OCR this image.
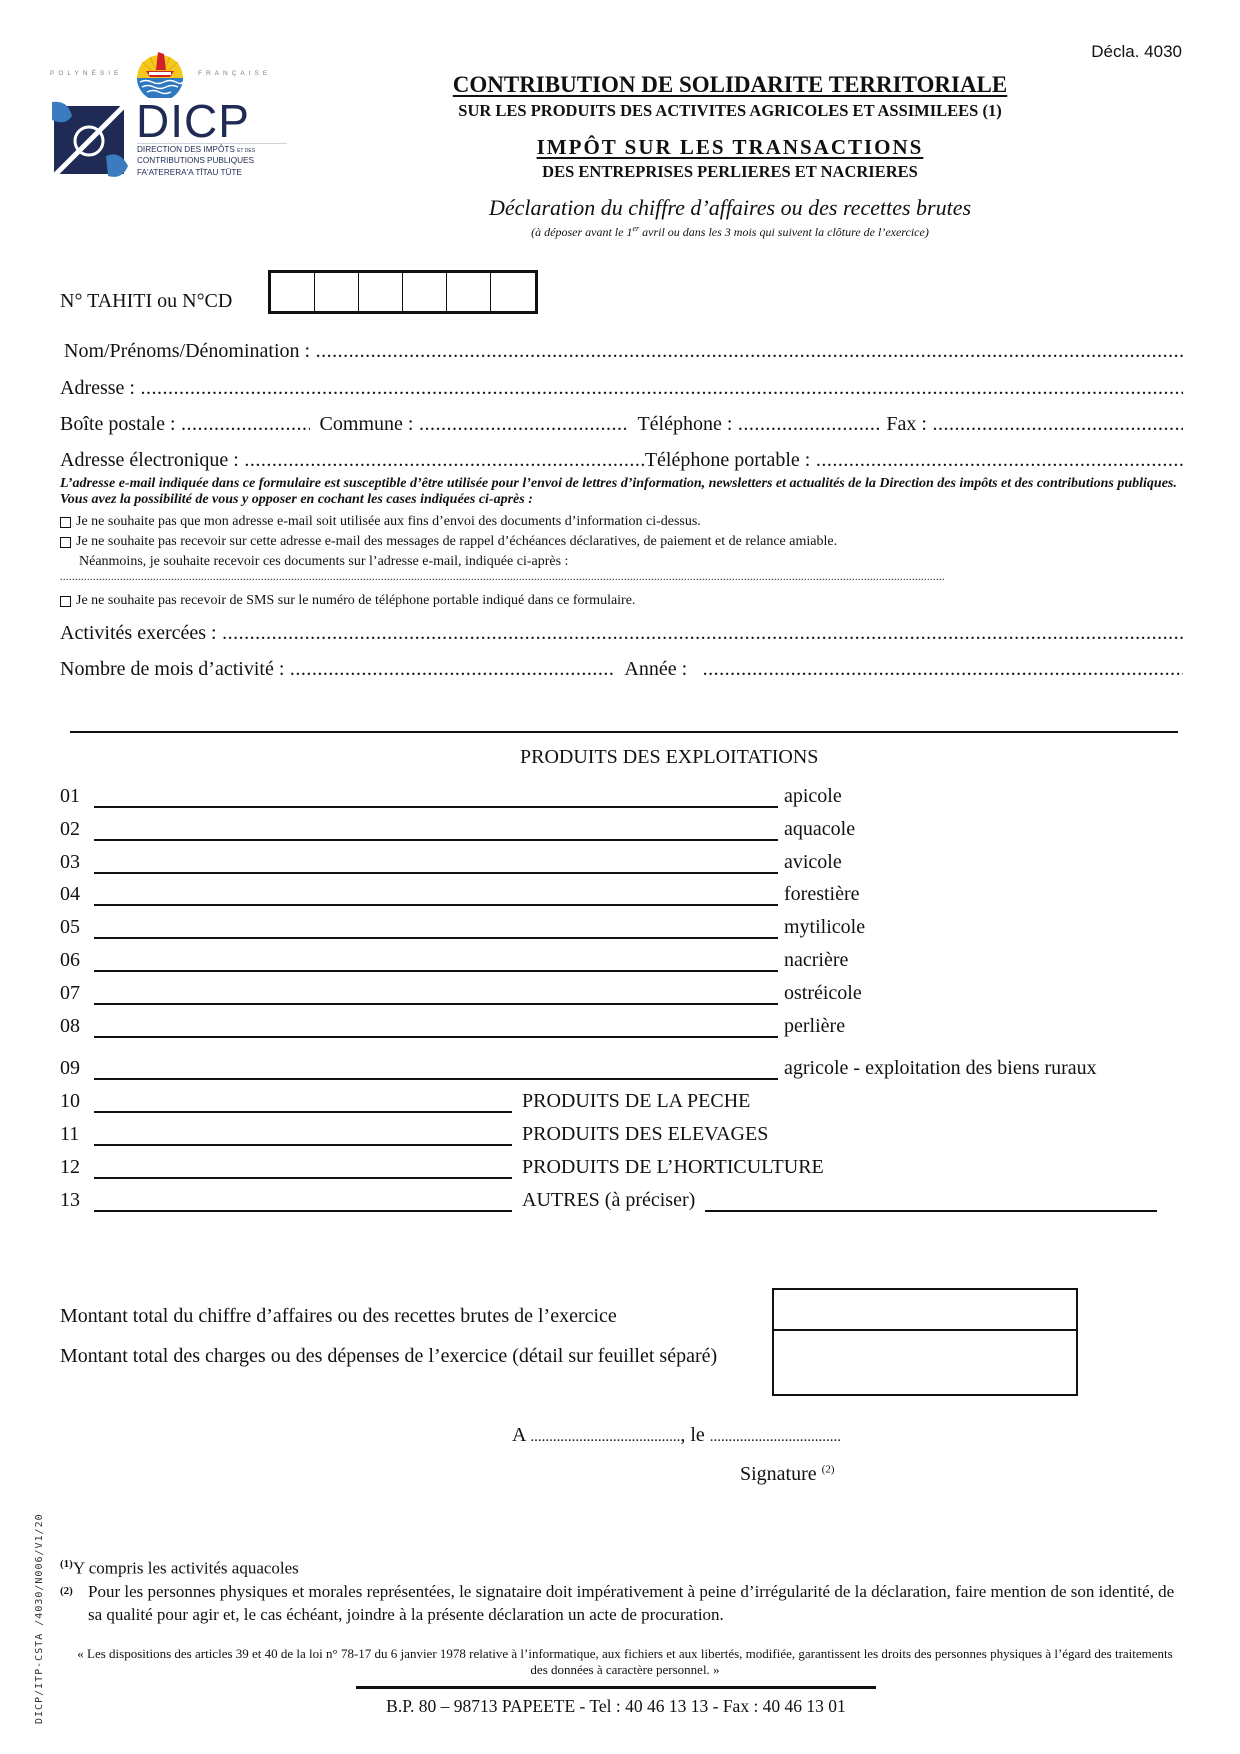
POLYNÉSIE	FRANÇAISE
DICP
DIRECTION DES IMPÔTS ET DES
CONTRIBUTIONS PUBLIQUES
FA'ATERERA'A TĪTAU TŪTE
Décla. 4030
CONTRIBUTION DE SOLIDARITE TERRITORIALE
SUR LES PRODUITS DES ACTIVITES AGRICOLES ET ASSIMILEES (1)
IMPÔT SUR LES TRANSACTIONS
DES ENTREPRISES PERLIERES ET NACRIERES
Déclaration du chiffre d’affaires ou des recettes brutes
(à déposer avant le 1er avril ou dans les 3 mois qui suivent la clôture de l’exercice)
N° TAHITI ou N°CD
Nom/Prénoms/Dénomination :
.....
Adresse :
.....
Boîte postale : .....	Commune : .....	Téléphone : .....	Fax :
.....
Adresse électronique : .....	Téléphone portable :
.....
L’adresse e-mail indiquée dans ce formulaire est susceptible d’être utilisée pour l’envoi de lettres d’information, newsletters et actualités de la Direction des impôts et des contributions publiques. Vous avez la possibilité de vous y opposer en cochant les cases indiquées ci-après :
Je ne souhaite pas que mon adresse e-mail soit utilisée aux fins d’envoi des documents d’information ci-dessus.
Je ne souhaite pas recevoir sur cette adresse e-mail des messages de rappel d’échéances déclaratives, de paiement et de relance amiable.
Néanmoins, je souhaite recevoir ces documents sur l’adresse e-mail, indiquée ci-après :
.....
Je ne souhaite pas recevoir de SMS sur le numéro de téléphone portable indiqué dans ce formulaire.
Activités exercées :
.....
Nombre de mois d’activité : .....	Année :
.....
PRODUITS DES EXPLOITATIONS
01	apicole
02	aquacole
03	avicole
04	forestière
05	mytilicole
06	nacrière
07	ostréicole
08	perlière
09	agricole - exploitation des biens ruraux
10	PRODUITS DE LA PECHE
11	PRODUITS DES ELEVAGES
12	PRODUITS DE L’HORTICULTURE
13	AUTRES (à préciser)
Montant total du chiffre d’affaires ou des recettes brutes de l’exercice
Montant total des charges ou des dépenses de l’exercice (détail sur feuillet séparé)
A ........................................, le ...................................
Signature $^{(2)}$
DICP/ITP-CSTA /4030/N006/V1/20 $^{(1)}$Y compris les activités aquacoles
$^{(2)}$ Pour les personnes physiques et morales représentées, le signataire doit impérativement à peine d’irrégularité de la déclaration, faire mention de son identité, de sa qualité pour agir et, le cas échéant, joindre à la présente déclaration un acte de procuration.
« Les dispositions des articles 39 et 40 de la loi n° 78-17 du 6 janvier 1978 relative à l’informatique, aux fichiers et aux libertés, modifiée, garantissent les droits des personnes physiques à l’égard des traitements des données à caractère personnel. »
B.P. 80 – 98713 PAPEETE - Tel : 40 46 13 13 - Fax : 40 46 13 01
